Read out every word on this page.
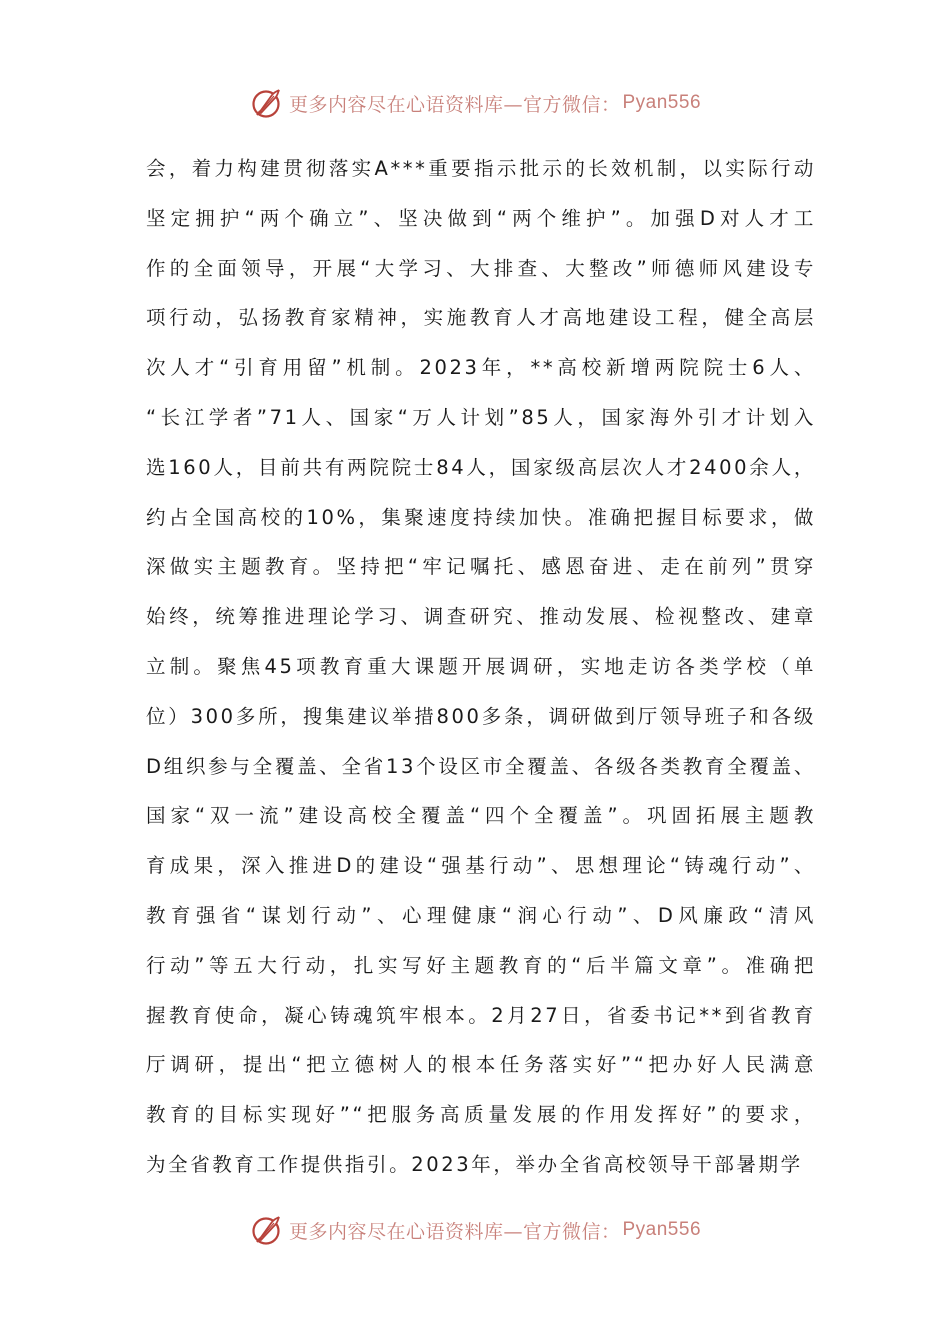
更多内容尽在心语资料库—官方微信： Pyan556
会，着力构建贯彻落实A***重要指示批示的长效机制，以实际行动
坚定拥护“两个确立”、坚决做到“两个维护”。加强D对人才工
作的全面领导，开展“大学习、大排查、大整改”师德师风建设专
项行动，弘扬教育家精神，实施教育人才高地建设工程，健全高层
次人才“引育用留”机制。2023年，**高校新增两院院士6人、
“长江学者”71人、国家“万人计划”85人，国家海外引才计划入
选160人，目前共有两院院士84人，国家级高层次人才2400余人，
约占全国高校的10%，集聚速度持续加快。准确把握目标要求，做
深做实主题教育。坚持把“牢记嘱托、感恩奋进、走在前列”贯穿
始终，统筹推进理论学习、调查研究、推动发展、检视整改、建章
立制。聚焦45项教育重大课题开展调研，实地走访各类学校（单
位）300多所，搜集建议举措800多条，调研做到厅领导班子和各级
D组织参与全覆盖、全省13个设区市全覆盖、各级各类教育全覆盖、
国家“双一流”建设高校全覆盖“四个全覆盖”。巩固拓展主题教
育成果，深入推进D的建设“强基行动”、思想理论“铸魂行动”、
教育强省“谋划行动”、心理健康“润心行动”、D风廉政“清风
行动”等五大行动，扎实写好主题教育的“后半篇文章”。准确把
握教育使命，凝心铸魂筑牢根本。2月27日，省委书记**到省教育
厅调研，提出“把立德树人的根本任务落实好”“把办好人民满意
教育的目标实现好”“把服务高质量发展的作用发挥好”的要求，
为全省教育工作提供指引。2023年，举办全省高校领导干部暑期学
更多内容尽在心语资料库—官方微信： Pyan556
